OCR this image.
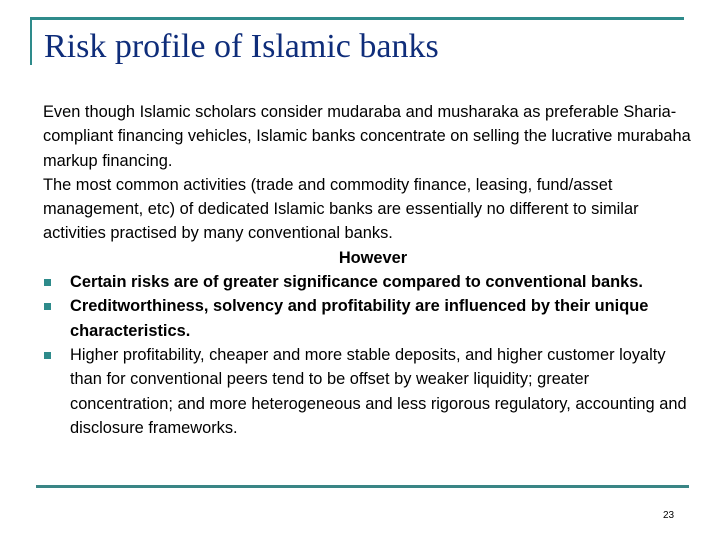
Risk profile of Islamic banks

Even though Islamic scholars consider mudaraba and musharaka as preferable Sharia-compliant financing vehicles, Islamic banks concentrate on selling the lucrative murabaha markup financing.

The most common activities (trade and commodity finance, leasing, fund/asset management, etc) of dedicated Islamic banks are essentially no different to similar activities practised by many conventional banks.

However

Certain risks are of greater significance compared to conventional banks.
Creditworthiness, solvency and profitability are influenced by their unique characteristics.
Higher profitability, cheaper and more stable deposits, and higher customer loyalty than for conventional peers tend to be offset by weaker liquidity; greater concentration; and more heterogeneous and less rigorous regulatory, accounting and disclosure frameworks.
23
